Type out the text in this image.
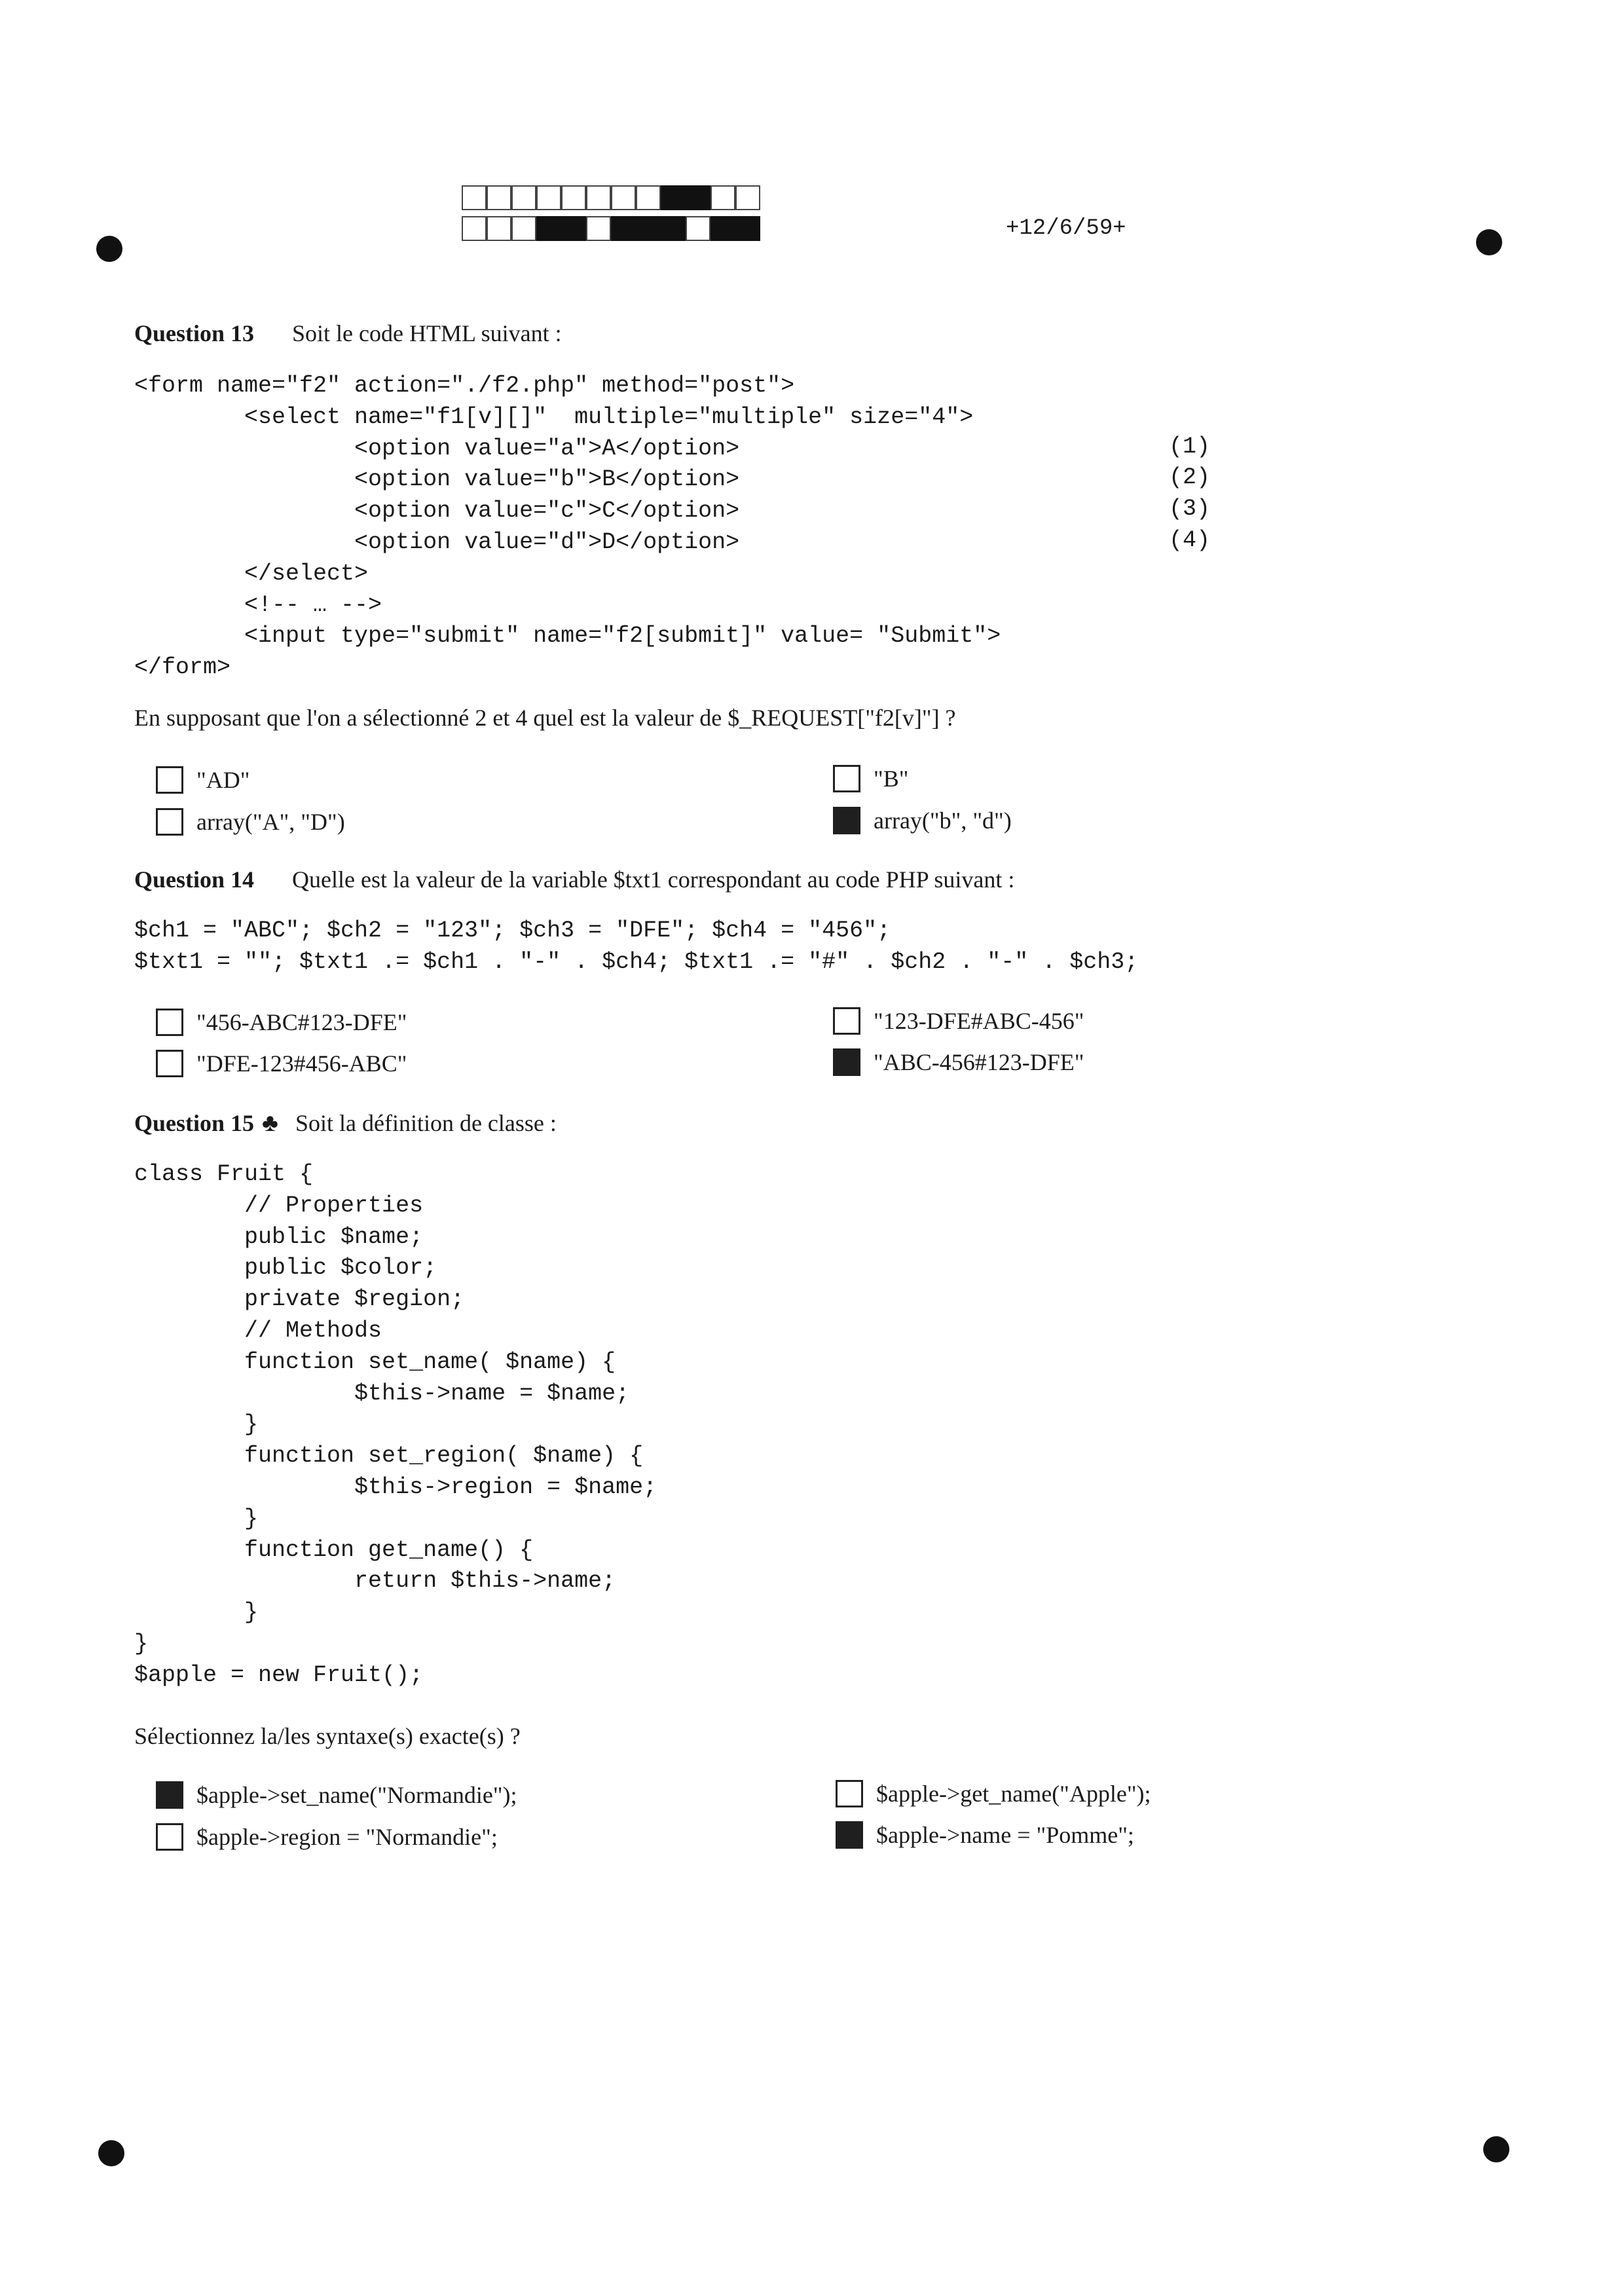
+12/6/59+
Question 13 Soit le code HTML suivant :
<form name="f2" action="./f2.php" method="post">
<select name="f1[v][]"  multiple="multiple" size="4">
<option value="a">A</option>
<option value="b">B</option>
<option value="c">C</option>
<option value="d">D</option>
</select>
<!-- … -->
<input type="submit" name="f2[submit]" value= "Submit">
</form>
(1)
(2)
(3)
(4)
En supposant que l'on a sélectionné 2 et 4 quel est la valeur de $_REQUEST["f2[v]"] ?
"AD"
array("A", "D")
"B"
array("b", "d")
Question 14 Quelle est la valeur de la variable $txt1 correspondant au code PHP suivant :
$ch1 = "ABC"; $ch2 = "123"; $ch3 = "DFE"; $ch4 = "456";
$txt1 = ""; $txt1 .= $ch1 . "-" . $ch4; $txt1 .= "#" . $ch2 . "-" . $ch3;
"456-ABC#123-DFE"
"DFE-123#456-ABC"
"123-DFE#ABC-456"
"ABC-456#123-DFE"
Question 15 ♣ Soit la définition de classe :
class Fruit {
// Properties
public $name;
public $color;
private $region;
// Methods
function set_name( $name) {
$this->name = $name;
}
function set_region( $name) {
$this->region = $name;
}
function get_name() {
return $this->name;
}
}
$apple = new Fruit();
Sélectionnez la/les syntaxe(s) exacte(s) ?
$apple->set_name("Normandie");
$apple->region = "Normandie";
$apple->get_name("Apple");
$apple->name = "Pomme";
